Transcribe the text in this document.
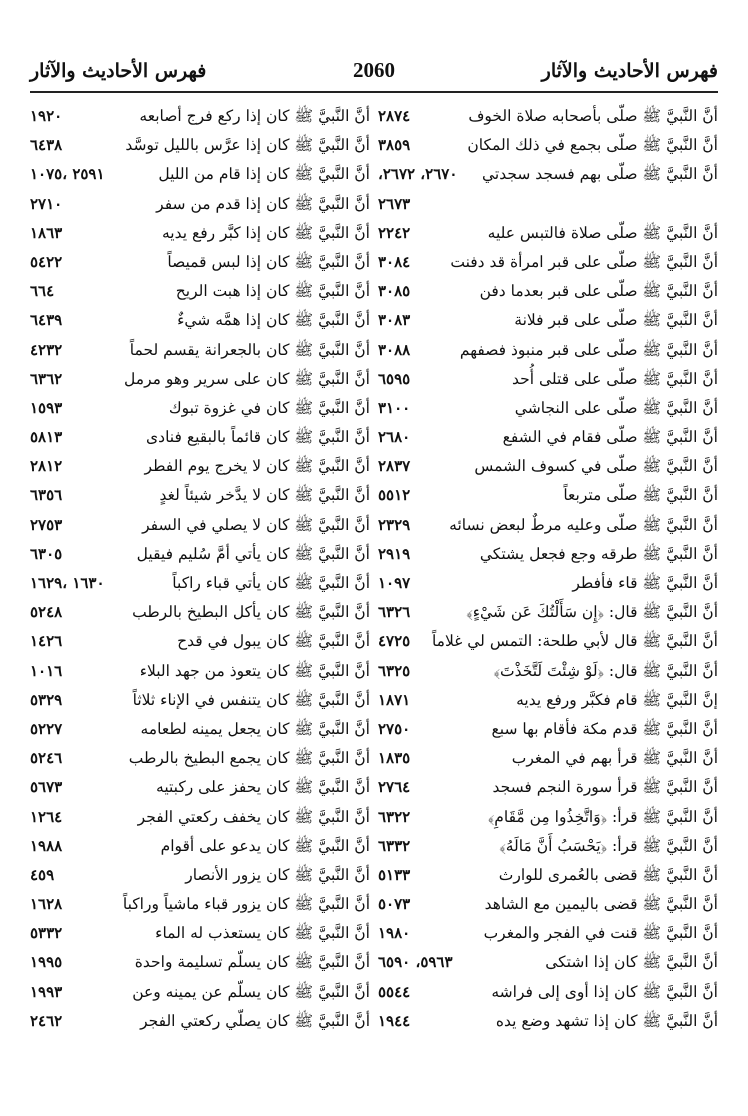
فهرس الأحاديث والآثار
2060
فهرس الأحاديث والآثار
أنَّ النَّبيَّ ﷺ صلّى بأصحابه صلاة الخوف
٢٨٧٤
أنَّ النَّبيَّ ﷺ صلّى بجمع في ذلك المكان
٣٨٥٩
أنَّ النَّبيَّ ﷺ صلّى بهم فسجد سجدتي
٢٦٧٠، ٢٦٧٢،
٢٦٧٣
أنَّ النَّبيَّ ﷺ صلّى صلاة فالتبس عليه
٢٢٤٢
أنَّ النَّبيَّ ﷺ صلّى على قبر امرأة قد دفنت
٣٠٨٤
أنَّ النَّبيَّ ﷺ صلّى على قبر بعدما دفن
٣٠٨٥
أنَّ النَّبيَّ ﷺ صلّى على قبر فلانة
٣٠٨٣
أنَّ النَّبيَّ ﷺ صلّى على قبر منبوذ فصفهم
٣٠٨٨
أنَّ النَّبيَّ ﷺ صلّى على قتلى أُحد
٦٥٩٥
أنَّ النَّبيَّ ﷺ صلّى على النجاشي
٣١٠٠
أنَّ النَّبيَّ ﷺ صلّى فقام في الشفع
٢٦٨٠
أنَّ النَّبيَّ ﷺ صلّى في كسوف الشمس
٢٨٣٧
أنَّ النَّبيَّ ﷺ صلّى متربعاً
٥٥١٢
أنَّ النَّبيَّ ﷺ صلّى وعليه مرطٌ لبعض نسائه
٢٣٢٩
أنَّ النَّبيَّ ﷺ طرقه وجع فجعل يشتكي
٢٩١٩
أنَّ النَّبيَّ ﷺ قاء فأفطر
١٠٩٧
أنَّ النَّبيَّ ﷺ قال: ﴿إِن سَأَلْتُكَ عَن شَيْءٍ﴾
٦٣٢٦
أنَّ النَّبيَّ ﷺ قال لأبي طلحة: التمس لي غلاماً
٤٧٢٥
أنَّ النَّبيَّ ﷺ قال: ﴿لَوْ شِئْتَ لَتَّخَذْتَ﴾
٦٣٢٥
إنَّ النَّبيَّ ﷺ قام فكبَّر ورفع يديه
١٨٧١
أنَّ النَّبيَّ ﷺ قدم مكة فأقام بها سبع
٢٧٥٠
أنَّ النَّبيَّ ﷺ قرأ بهم في المغرب
١٨٣٥
أنَّ النَّبيَّ ﷺ قرأ سورة النجم فسجد
٢٧٦٤
أنَّ النَّبيَّ ﷺ قرأ: ﴿وَاتَّخِذُوا مِن مَّقَامِ﴾
٦٣٢٢
أنَّ النَّبيَّ ﷺ قرأ: ﴿يَحْسَبُ أَنَّ مَالَهُ﴾
٦٣٣٢
أنَّ النَّبيَّ ﷺ قضى بالعُمرى للوارث
٥١٣٣
أنَّ النَّبيَّ ﷺ قضى باليمين مع الشاهد
٥٠٧٣
أنَّ النَّبيَّ ﷺ قنت في الفجر والمغرب
١٩٨٠
أنَّ النَّبيَّ ﷺ كان إذا اشتكى
٥٩٦٣، ٦٥٩٠
أنَّ النَّبيَّ ﷺ كان إذا أوى إلى فراشه
٥٥٤٤
أنَّ النَّبيَّ ﷺ كان إذا تشهد وضع يده
١٩٤٤
أنَّ النَّبيَّ ﷺ كان إذا ركع فرج أصابعه
١٩٢٠
أنَّ النَّبيَّ ﷺ كان إذا عرَّس بالليل توسَّد
٦٤٣٨
أنَّ النَّبيَّ ﷺ كان إذا قام من الليل
٢٥٩١ ،١٠٧٥
أنَّ النَّبيَّ ﷺ كان إذا قدم من سفر
٢٧١٠
أنَّ النَّبيَّ ﷺ كان إذا كبَّر رفع يديه
١٨٦٣
أنَّ النَّبيَّ ﷺ كان إذا لبس قميصاً
٥٤٢٢
أنَّ النَّبيَّ ﷺ كان إذا هبت الريح
٦٦٤
أنَّ النَّبيَّ ﷺ كان إذا همَّه شيءٌ
٦٤٣٩
أنَّ النَّبيَّ ﷺ كان بالجعرانة يقسم لحماً
٤٢٣٢
أنَّ النَّبيَّ ﷺ كان على سرير وهو مرمل
٦٣٦٢
أنَّ النَّبيَّ ﷺ كان في غزوة تبوك
١٥٩٣
أنَّ النَّبيَّ ﷺ كان قائماً بالبقيع فنادى
٥٨١٣
أنَّ النَّبيَّ ﷺ كان لا يخرج يوم الفطر
٢٨١٢
أنَّ النَّبيَّ ﷺ كان لا يدَّخر شيئاً لغدٍ
٦٣٥٦
أنَّ النَّبيَّ ﷺ كان لا يصلي في السفر
٢٧٥٣
أنَّ النَّبيَّ ﷺ كان يأتي أمَّ سُليم فيقيل
٦٣٠٥
أنَّ النَّبيَّ ﷺ كان يأتي قباء راكباً
١٦٣٠ ،١٦٢٩
أنَّ النَّبيَّ ﷺ كان يأكل البطيخ بالرطب
٥٢٤٨
أنَّ النَّبيَّ ﷺ كان يبول في قدح
١٤٢٦
أنَّ النَّبيَّ ﷺ كان يتعوذ من جهد البلاء
١٠١٦
أنَّ النَّبيَّ ﷺ كان يتنفس في الإناء ثلاثاً
٥٣٢٩
أنَّ النَّبيَّ ﷺ كان يجعل يمينه لطعامه
٥٢٢٧
أنَّ النَّبيَّ ﷺ كان يجمع البطيخ بالرطب
٥٢٤٦
أنَّ النَّبيَّ ﷺ كان يحفز على ركبتيه
٥٦٧٣
أنَّ النَّبيَّ ﷺ كان يخفف ركعتي الفجر
١٢٦٤
أنَّ النَّبيَّ ﷺ كان يدعو على أقوام
١٩٨٨
أنَّ النَّبيَّ ﷺ كان يزور الأنصار
٤٥٩
أنَّ النَّبيَّ ﷺ كان يزور قباء ماشياً وراكباً
١٦٢٨
أنَّ النَّبيَّ ﷺ كان يستعذب له الماء
٥٣٣٢
أنَّ النَّبيَّ ﷺ كان يسلّم تسليمة واحدة
١٩٩٥
أنَّ النَّبيَّ ﷺ كان يسلّم عن يمينه وعن
١٩٩٣
أنَّ النَّبيَّ ﷺ كان يصلّي ركعتي الفجر
٢٤٦٢
